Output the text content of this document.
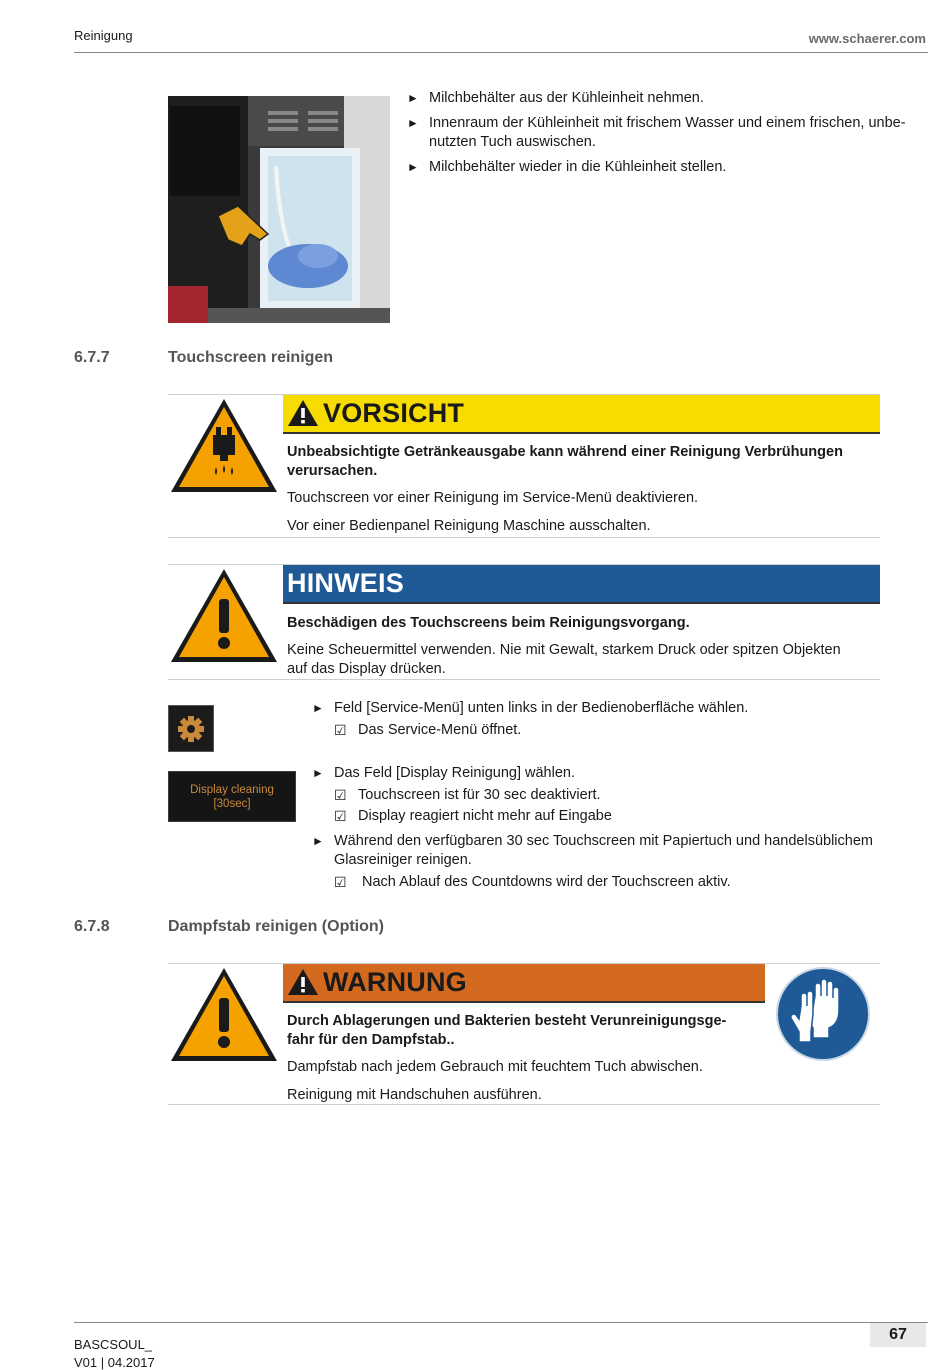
Reinigung	www.schaerer.com
► Milchbehälter aus der Kühleinheit nehmen.
► Innenraum der Kühleinheit mit frischem Wasser und einem frischen, unbe-
nutzten Tuch auswischen.
► Milchbehälter wieder in die Kühleinheit stellen.
6.7.7	Touchscreen reinigen
VORSICHT
Unbeabsichtigte Getränkeausgabe kann während einer Reinigung Verbrühungen
verursachen.
Touchscreen vor einer Reinigung im Service-Menü deaktivieren.
Vor einer Bedienpanel Reinigung Maschine ausschalten.
HINWEIS
Beschädigen des Touchscreens beim Reinigungsvorgang.
Keine Scheuermittel verwenden. Nie mit Gewalt, starkem Druck oder spitzen Objekten
auf das Display drücken.
Display cleaning
[30sec]
► Feld [Service-Menü] unten links in der Bedienoberfläche wählen.
☑ Das Service-Menü öffnet.
► Das Feld [Display Reinigung] wählen.
☑ Touchscreen ist für 30 sec deaktiviert.
☑ Display reagiert nicht mehr auf Eingabe
► Während den verfügbaren 30 sec Touchscreen mit Papiertuch und handelsüblichem
Glasreiniger reinigen.
☑ Nach Ablauf des Countdowns wird der Touchscreen aktiv.
6.7.8	Dampfstab reinigen (Option)
WARNUNG
Durch Ablagerungen und Bakterien besteht Verunreinigungsge-
fahr für den Dampfstab..
Dampfstab nach jedem Gebrauch mit feuchtem Tuch abwischen.
Reinigung mit Handschuhen ausführen.
67
BASCSOUL_
V01 | 04.2017
